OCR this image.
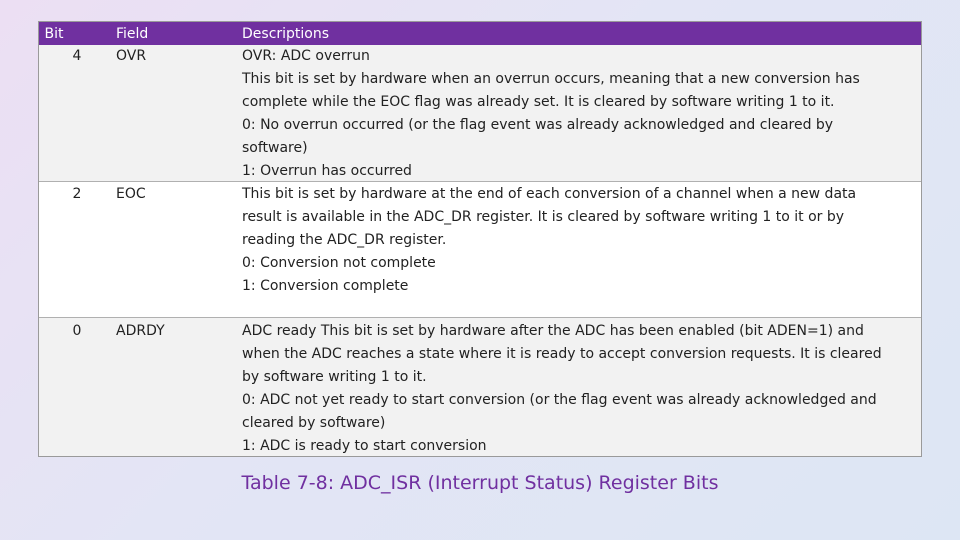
Bit	Field	Descriptions
4	OVR	OVR: ADC overrun
This bit is set by hardware when an overrun occurs, meaning that a new conversion has
complete while the EOC flag was already set. It is cleared by software writing 1 to it.
0: No overrun occurred (or the flag event was already acknowledged and cleared by
software)
1: Overrun has occurred
2	EOC	This bit is set by hardware at the end of each conversion of a channel when a new data
result is available in the ADC_DR register. It is cleared by software writing 1 to it or by
reading the ADC_DR register.
0: Conversion not complete
1: Conversion complete
0	ADRDY	ADC ready This bit is set by hardware after the ADC has been enabled (bit ADEN=1) and
when the ADC reaches a state where it is ready to accept conversion requests. It is cleared
by software writing 1 to it.
0: ADC not yet ready to start conversion (or the flag event was already acknowledged and
cleared by software)
1: ADC is ready to start conversion
Table 7-8: ADC_ISR (Interrupt Status) Register Bits
